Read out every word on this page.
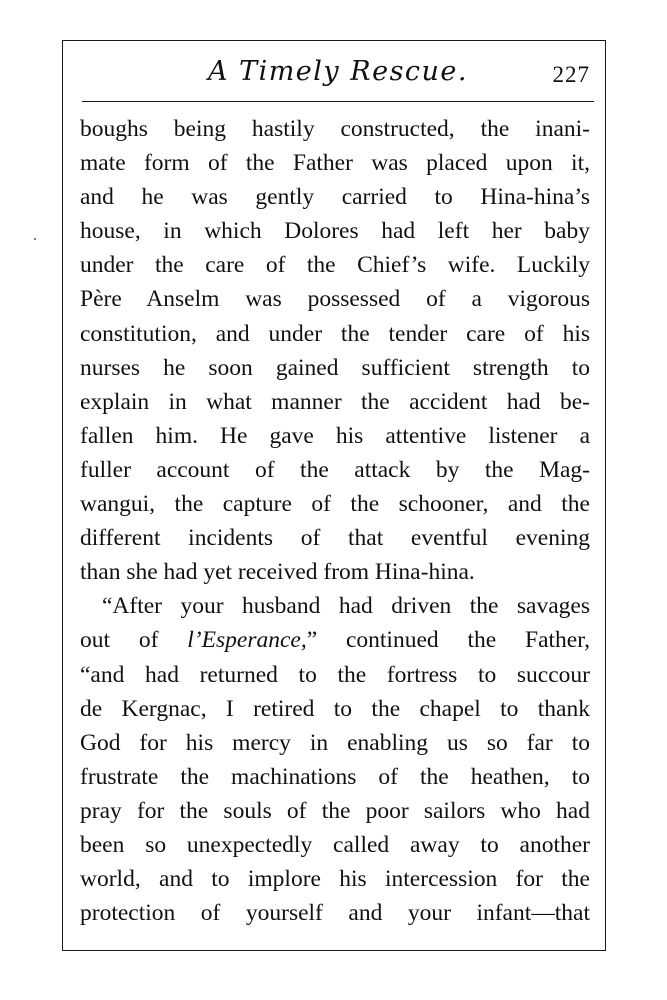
A Timely Rescue.	227
boughs being hastily constructed, the inani-
mate form of the Father was placed upon it,
and he was gently carried to Hina-hina’s
house, in which Dolores had left her baby
under the care of the Chief’s wife. Luckily
Père Anselm was possessed of a vigorous
constitution, and under the tender care of his
nurses he soon gained sufficient strength to
explain in what manner the accident had be-
fallen him. He gave his attentive listener a
fuller account of the attack by the Mag-
wangui, the capture of the schooner, and the
different incidents of that eventful evening
than she had yet received from Hina-hina.
“After your husband had driven the savages
out of l’Esperance,” continued the Father,
“and had returned to the fortress to succour
de Kergnac, I retired to the chapel to thank
God for his mercy in enabling us so far to
frustrate the machinations of the heathen, to
pray for the souls of the poor sailors who had
been so unexpectedly called away to another
world, and to implore his intercession for the
protection of yourself and your infant—that
